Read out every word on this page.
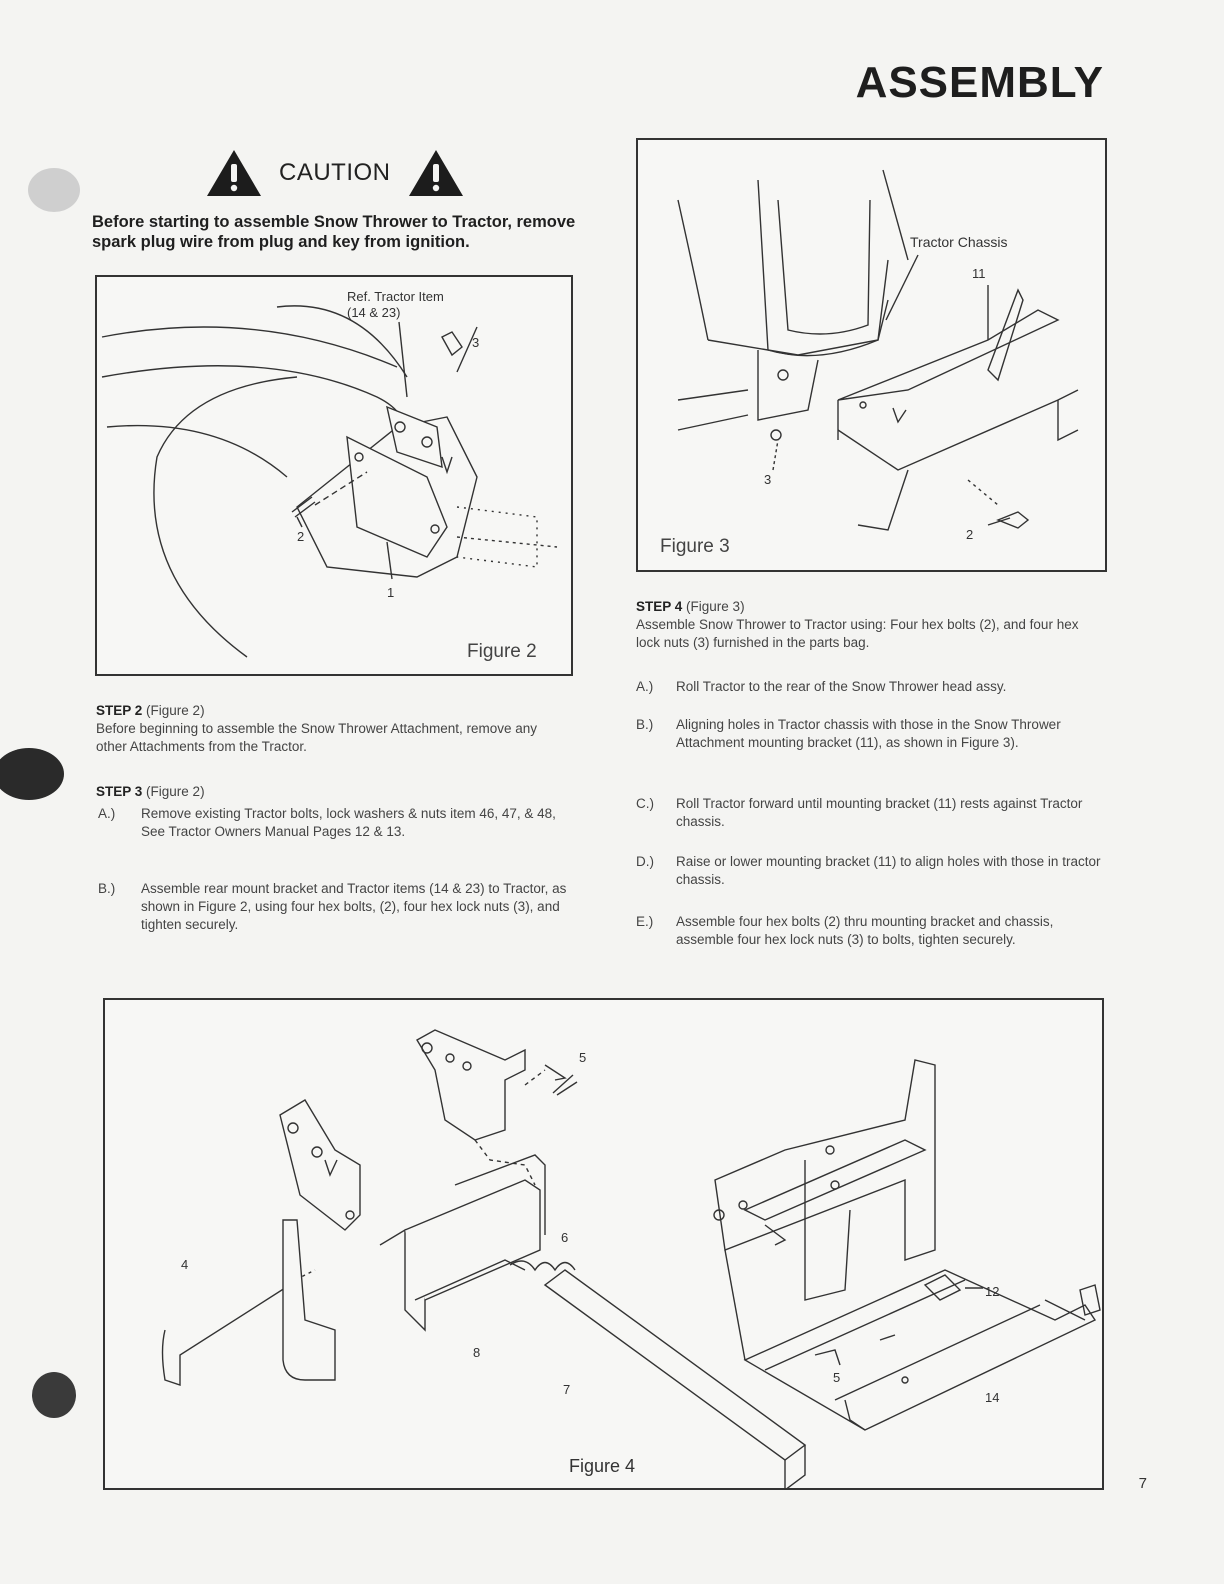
ASSEMBLY
CAUTION
Before starting to assemble Snow Thrower to Tractor, remove spark plug wire from plug and key from ignition.
Ref. Tractor Item (14 & 23)
3
2
1
Figure 2
Tractor Chassis
11
3
2
Figure 3
STEP 2 (Figure 2)
Before beginning to assemble the Snow Thrower Attachment, remove any other Attachments from the Tractor.
STEP 3 (Figure 2)
A.) Remove existing Tractor bolts, lock washers & nuts item 46, 47, & 48, See Tractor Owners Manual Pages 12 & 13.
B.) Assemble rear mount bracket and Tractor items (14 & 23) to Tractor, as shown in Figure 2, using four hex bolts, (2), four hex lock nuts (3), and tighten securely.
STEP 4 (Figure 3)
Assemble Snow Thrower to Tractor using: Four hex bolts (2), and four hex lock nuts (3) furnished in the parts bag.
A.) Roll Tractor to the rear of the Snow Thrower head assy.
B.) Aligning holes in Tractor chassis with those in the Snow Thrower Attachment mounting bracket (11), as shown in Figure 3).
C.) Roll Tractor forward until mounting bracket (11) rests against Tractor chassis.
D.) Raise or lower mounting bracket (11) to align holes with those in tractor chassis.
E.) Assemble four hex bolts (2) thru mounting bracket and chassis, assemble four hex lock nuts (3) to bolts, tighten securely.
5
6
4
8
7
12
5
14
Figure 4
7
